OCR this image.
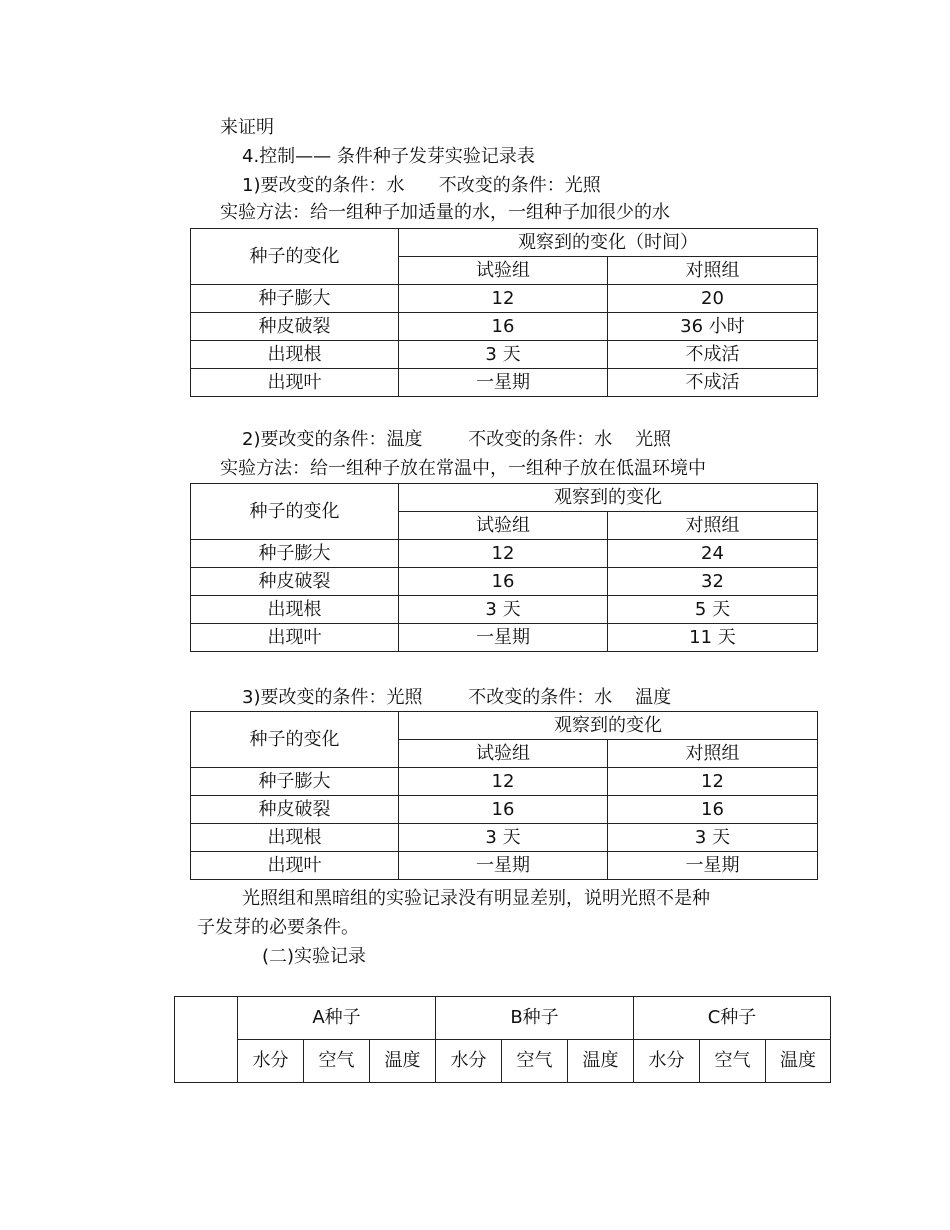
来证明
4.控制—— 条件种子发芽实验记录表
1)要改变的条件：水      不改变的条件：光照
实验方法：给一组种子加适量的水，一组种子加很少的水
种子的变化	观察到的变化（时间）	
	试验组	对照组
种子膨大	12	20
种皮破裂	16	36 小时
出现根	3 天	不成活
出现叶	一星期	不成活
2)要改变的条件：温度        不改变的条件：水    光照
实验方法：给一组种子放在常温中，一组种子放在低温环境中
种子的变化	观察到的变化	
	试验组	对照组
种子膨大	12	24
种皮破裂	16	32
出现根	3 天	5 天
出现叶	一星期	11 天
3)要改变的条件：光照        不改变的条件：水    温度
种子的变化	观察到的变化	
	试验组	对照组
种子膨大	12	12
种皮破裂	16	16
出现根	3 天	3 天
出现叶	一星期	一星期
光照组和黑暗组的实验记录没有明显差别，说明光照不是种
子发芽的必要条件。
(二)实验记录
	A种子			B种子			C种子		
	水分	空气	温度	水分	空气	温度	水分	空气	温度
